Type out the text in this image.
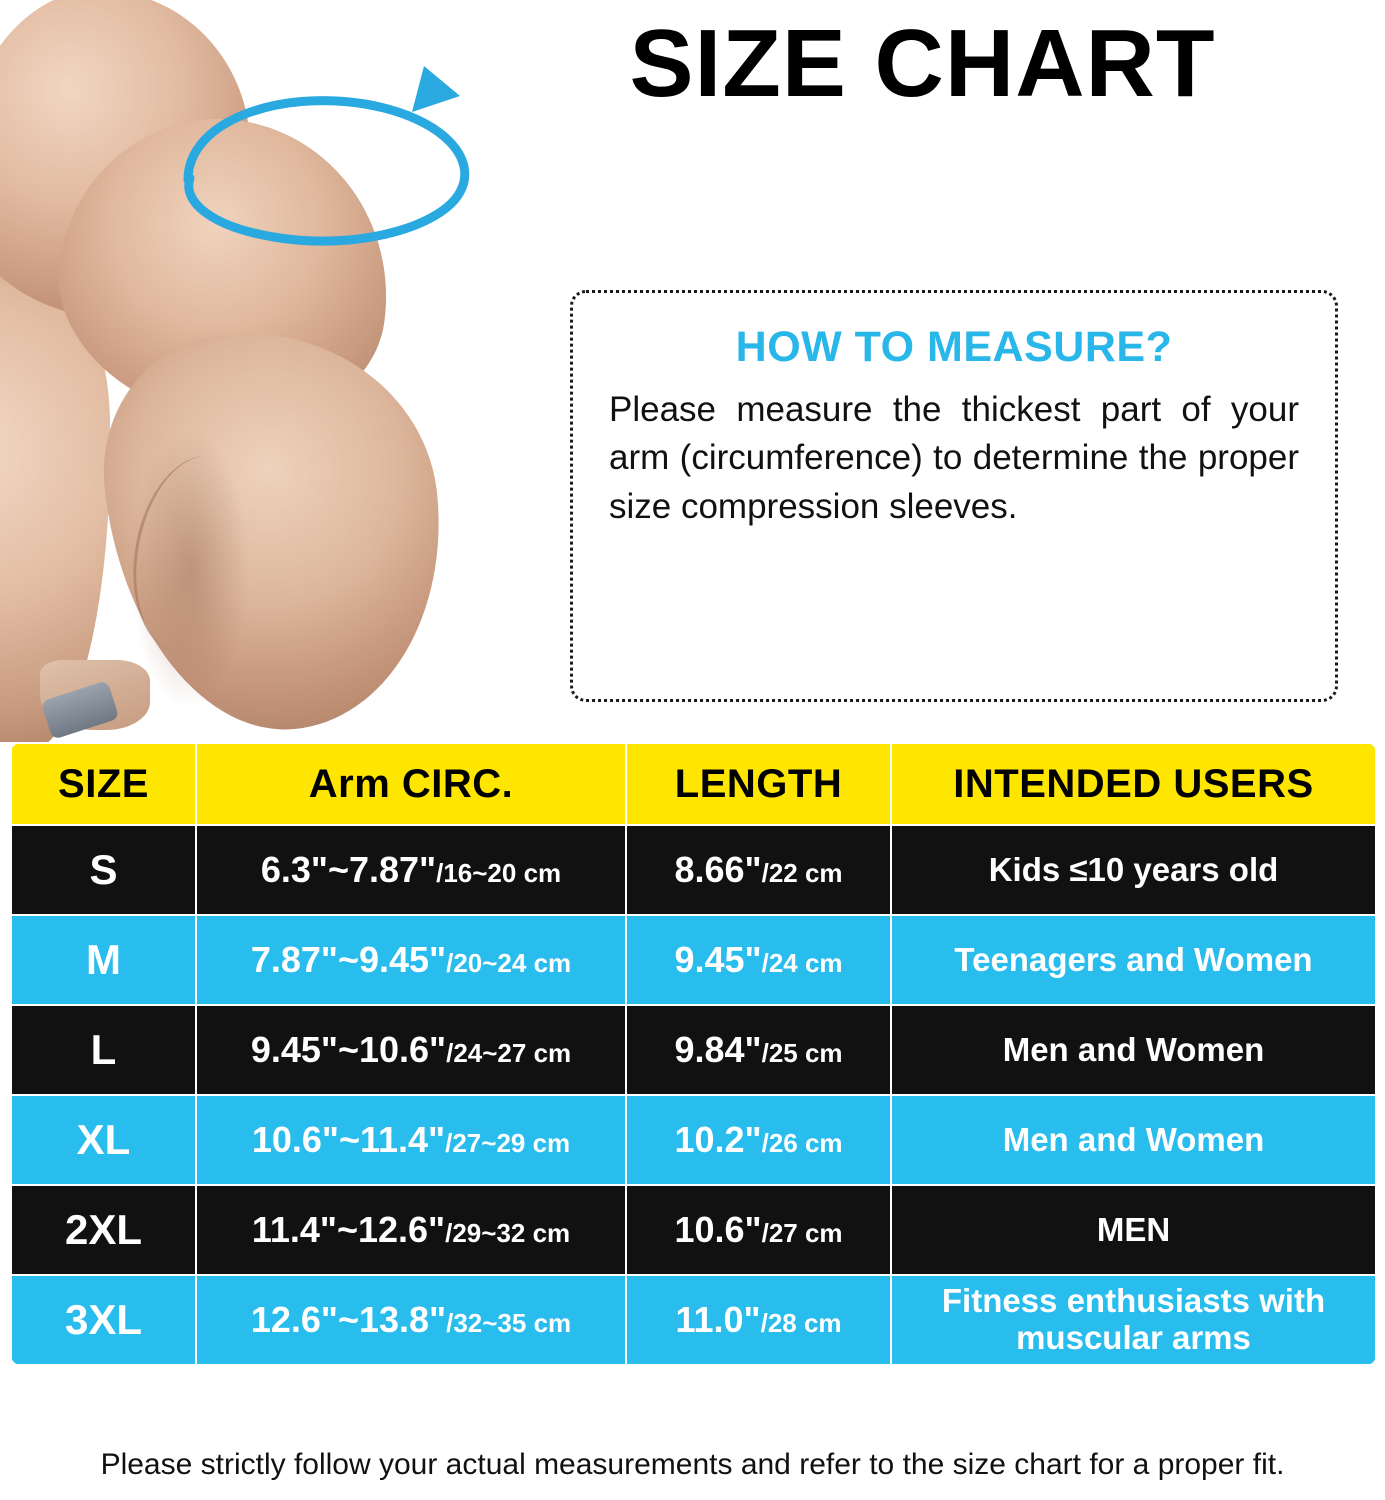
SIZE CHART
HOW TO MEASURE?
Please measure the thickest part of your arm (circumference) to determine the proper size compression sleeves.
SIZE	Arm CIRC.	LENGTH	INTENDED USERS
S	6.3"~7.87"/16~20 cm	8.66"/22 cm	Kids ≤10 years old
M	7.87"~9.45"/20~24 cm	9.45"/24 cm	Teenagers and Women
L	9.45"~10.6"/24~27 cm	9.84"/25 cm	Men and Women
XL	10.6"~11.4"/27~29 cm	10.2"/26 cm	Men and Women
2XL	11.4"~12.6"/29~32 cm	10.6"/27 cm	MEN
3XL	12.6"~13.8"/32~35 cm	11.0"/28 cm	Fitness enthusiasts with muscular arms
Please strictly follow your actual measurements and refer to the size chart for a proper fit.
